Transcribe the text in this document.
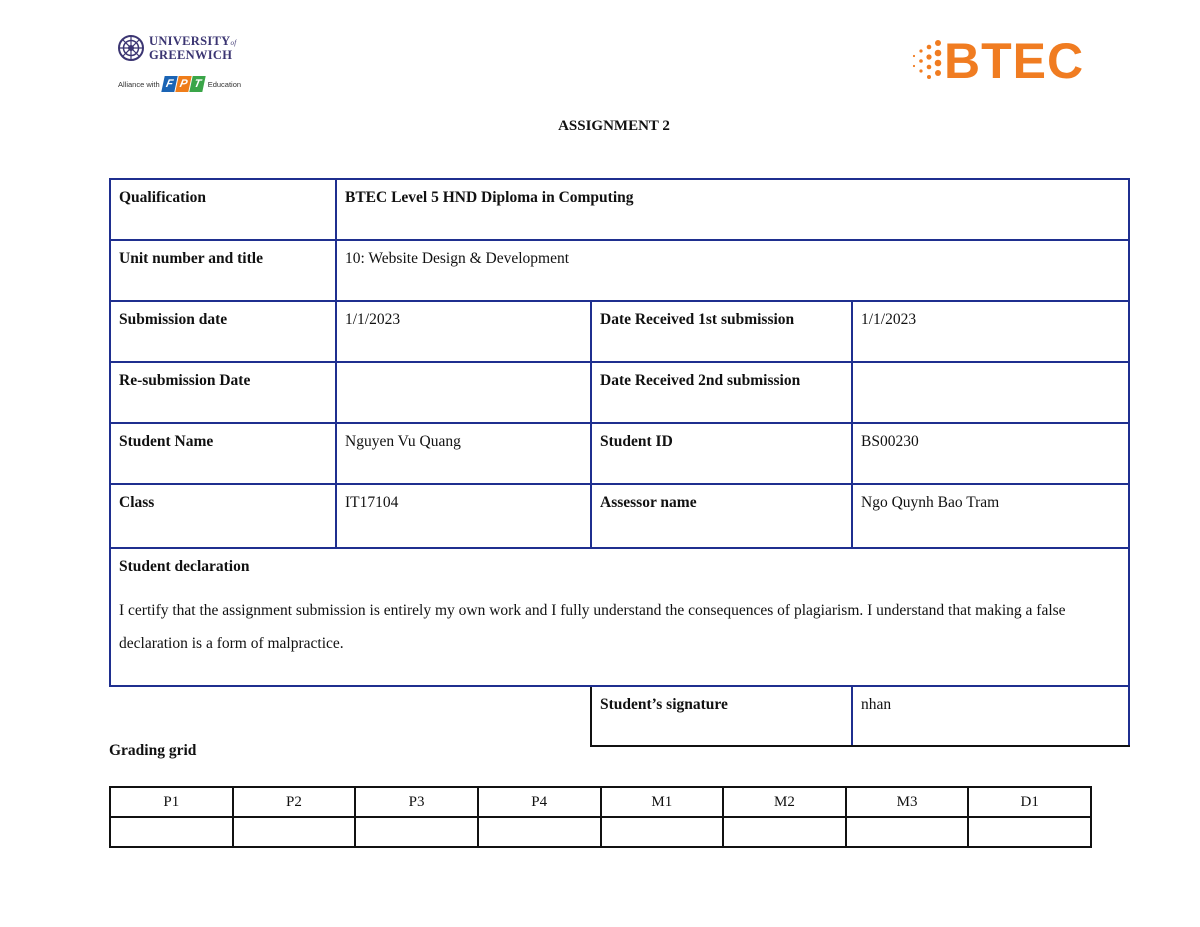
UNIVERSITYof
GREENWICH
Alliance with F P T Education	BTEC
ASSIGNMENT 2
Qualification	BTEC Level 5 HND Diploma in Computing		
Unit number and title	10: Website Design & Development		
Submission date	1/1/2023	Date Received 1st submission	1/1/2023
Re-submission Date		Date Received 2nd submission	
Student Name	Nguyen Vu Quang	Student ID	BS00230
Class	IT17104	Assessor name	Ngo Quynh Bao Tram

Student declaration
I certify that the assignment submission is entirely my own work and I fully understand the consequences of plagiarism. I understand that making a false declaration is a form of malpractice.			

		Student’s signature	nhan
Grading grid
P1	P2	P3	P4	M1	M2	M3	D1
